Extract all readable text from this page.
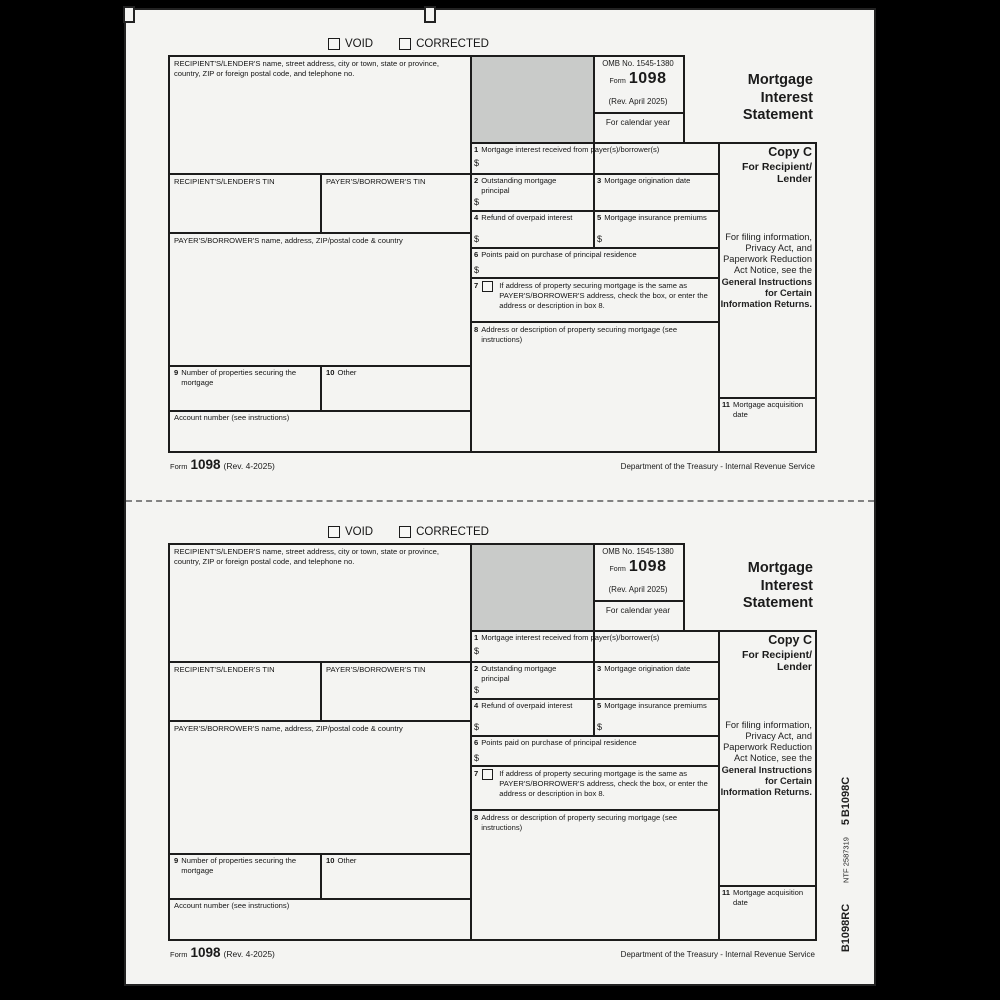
VOID	CORRECTED
RECIPIENT'S/LENDER'S name, street address, city or town, state or province, country, ZIP or foreign postal code, and telephone no.
OMB No. 1545-1380
Form 1098
(Rev. April 2025)
For calendar year
Mortgage Interest Statement
Copy C
For Recipient/
Lender
For filing information, Privacy Act, and Paperwork Reduction Act Notice, see the General Instructions for Certain Information Returns.
1 Mortgage interest received from payer(s)/borrower(s)
$
RECIPIENT'S/LENDER'S TIN	PAYER'S/BORROWER'S TIN	2 Outstanding mortgage principal
$
3 Mortgage origination date
4 Refund of overpaid interest
$
5 Mortgage insurance premiums
$
PAYER'S/BORROWER'S name, address, ZIP/postal code & country
6 Points paid on purchase of principal residence
$
7	If address of property securing mortgage is the same as PAYER'S/BORROWER'S address, check the box, or enter the address or description in box 8.
8 Address or description of property securing mortgage (see instructions)
9 Number of properties securing the mortgage
10 Other
Account number (see instructions)
11 Mortgage acquisition date
Form 1098 (Rev. 4-2025)	Department of the Treasury - Internal Revenue Service
VOID	CORRECTED
RECIPIENT'S/LENDER'S name, street address, city or town, state or province, country, ZIP or foreign postal code, and telephone no.
OMB No. 1545-1380
Form 1098
(Rev. April 2025)
For calendar year
Mortgage Interest Statement
Copy C
For Recipient/
Lender
For filing information, Privacy Act, and Paperwork Reduction Act Notice, see the General Instructions for Certain Information Returns.
1 Mortgage interest received from payer(s)/borrower(s)
$
RECIPIENT'S/LENDER'S TIN	PAYER'S/BORROWER'S TIN	2 Outstanding mortgage principal
$
3 Mortgage origination date
4 Refund of overpaid interest
$
5 Mortgage insurance premiums
$
PAYER'S/BORROWER'S name, address, ZIP/postal code & country
6 Points paid on purchase of principal residence
$
7	If address of property securing mortgage is the same as PAYER'S/BORROWER'S address, check the box, or enter the address or description in box 8.
8 Address or description of property securing mortgage (see instructions)
9 Number of properties securing the mortgage
10 Other
Account number (see instructions)
11 Mortgage acquisition date
Form 1098 (Rev. 4-2025)	Department of the Treasury - Internal Revenue Service
B1098C
5
NTF 2587319
B1098RC
